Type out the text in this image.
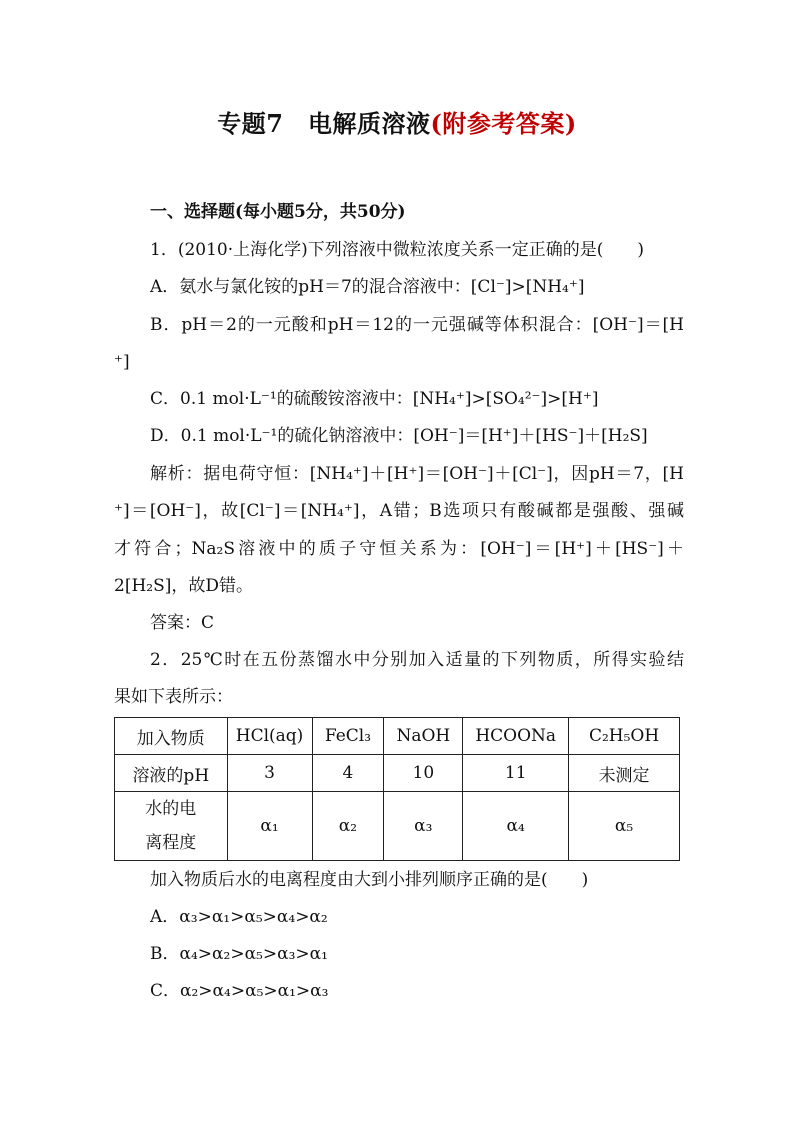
专题7　电解质溶液(附参考答案)
一、选择题(每小题5分，共50分)
1．(2010·上海化学)下列溶液中微粒浓度关系一定正确的是(　　)
A．氨水与氯化铵的pH＝7的混合溶液中：[Cl⁻]>[NH₄⁺]
B．pH＝2的一元酸和pH＝12的一元强碱等体积混合：[OH⁻]＝[H
⁺]
C．0.1 mol·L⁻¹的硫酸铵溶液中：[NH₄⁺]>[SO₄²⁻]>[H⁺]
D．0.1 mol·L⁻¹的硫化钠溶液中：[OH⁻]＝[H⁺]＋[HS⁻]＋[H₂S]
解析：据电荷守恒：[NH₄⁺]＋[H⁺]＝[OH⁻]＋[Cl⁻]，因pH＝7，[H
⁺]＝[OH⁻]，故[Cl⁻]＝[NH₄⁺]，A错；B选项只有酸碱都是强酸、强碱
才符合；Na₂S溶液中的质子守恒关系为：[OH⁻]＝[H⁺]＋[HS⁻]＋
2[H₂S]，故D错。
答案：C
2．25℃时在五份蒸馏水中分别加入适量的下列物质，所得实验结
果如下表所示：
加入物质	HCl(aq)	FeCl₃	NaOH	HCOONa	C₂H₅OH
溶液的pH	3	4	10	11	未测定

水的电
离程度	α₁	α₂	α₃	α₄	α₅
加入物质后水的电离程度由大到小排列顺序正确的是(　　)
A．α₃>α₁>α₅>α₄>α₂
B．α₄>α₂>α₅>α₃>α₁
C．α₂>α₄>α₅>α₁>α₃
